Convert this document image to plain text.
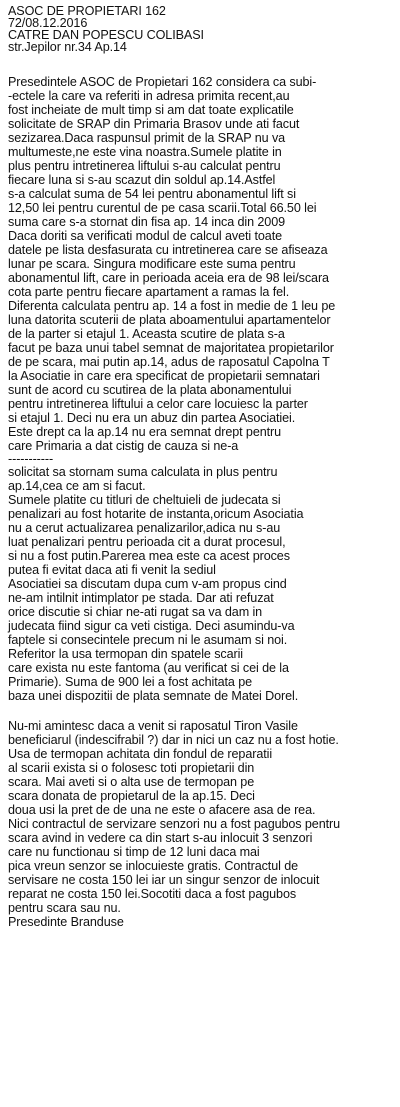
ASOC DE PROPIETARI 162
72/08.12.2016
CATRE DAN POPESCU COLIBASI
str.Jepilor nr.34 Ap.14
Presedintele ASOC de Propietari 162 considera ca subi-
-ectele la care va referiti in adresa primita recent,au
fost incheiate de mult timp si am dat toate explicatile
solicitate de SRAP din Primaria Brasov unde ati facut
sezizarea.Daca raspunsul primit de la SRAP nu va
multumeste,ne este vina noastra.Sumele platite in
plus pentru intretinerea liftului s-au calculat pentru
fiecare luna si s-au scazut din soldul ap.14.Astfel
s-a calculat suma de 54 lei pentru abonamentul lift si
12,50 lei pentru curentul de pe casa scarii.Total 66.50 lei
suma care s-a stornat din fisa ap. 14 inca din 2009
Daca doriti sa verificati modul de calcul aveti toate
datele pe lista desfasurata cu intretinerea care se afiseaza
lunar pe scara. Singura modificare este suma pentru
abonamentul lift, care in perioada aceia era de 98 lei/scara
cota parte pentru fiecare apartament a ramas la fel.
Diferenta calculata pentru ap. 14 a fost in medie de 1 leu pe
luna datorita scuterii de plata aboamentului apartamentelor
de la parter si etajul 1. Aceasta scutire de plata s-a
facut pe baza unui tabel semnat de majoritatea propietarilor
de pe scara, mai putin ap.14, adus de raposatul Capolna T
la Asociatie in care era specificat de propietarii semnatari
sunt de acord cu scutirea de la plata abonamentului
pentru intretinerea liftului a celor care locuiesc la parter
si etajul 1. Deci nu era un abuz din partea Asociatiei.
Este drept ca la ap.14 nu era semnat drept pentru
care Primaria a dat cistig de cauza si ne-a
-----------
solicitat sa stornam suma calculata in plus pentru
ap.14,cea ce am si facut.
Sumele platite cu titluri de cheltuieli de judecata si
penalizari au fost hotarite de instanta,oricum Asociatia
nu a cerut actualizarea penalizarilor,adica nu s-au
luat penalizari pentru perioada cit a durat procesul,
si nu a fost putin.Parerea mea este ca acest proces
putea fi evitat daca ati fi venit la sediul
Asociatiei sa discutam dupa cum v-am propus cind
ne-am intilnit intimplator pe stada. Dar ati refuzat
orice discutie si chiar ne-ati rugat sa va dam in
judecata fiind sigur ca veti cistiga. Deci asumindu-va
faptele si consecintele precum ni le asumam si noi.
Referitor la usa termopan din spatele scarii
care exista nu este fantoma (au verificat si cei de la
Primarie). Suma de 900 lei a fost achitata pe
baza unei dispozitii de plata semnate de Matei Dorel.
Nu-mi amintesc daca a venit si raposatul Tiron Vasile
beneficiarul (indescifrabil ?) dar in nici un caz nu a fost hotie.
Usa de termopan achitata din fondul de reparatii
al scarii exista si o folosesc toti propietarii din
scara. Mai aveti si o alta use de termopan pe
scara donata de propietarul de la ap.15. Deci
doua usi la pret de de una ne este o afacere asa de rea.
Nici contractul de servizare senzori nu a fost pagubos pentru
scara avind in vedere ca din start s-au inlocuit 3 senzori
care nu functionau si timp de 12 luni daca mai
pica vreun senzor se inlocuieste gratis. Contractul de
servisare ne costa 150 lei iar un singur senzor de inlocuit
reparat ne costa 150 lei.Socotiti daca a fost pagubos
pentru scara sau nu.
Presedinte Branduse
